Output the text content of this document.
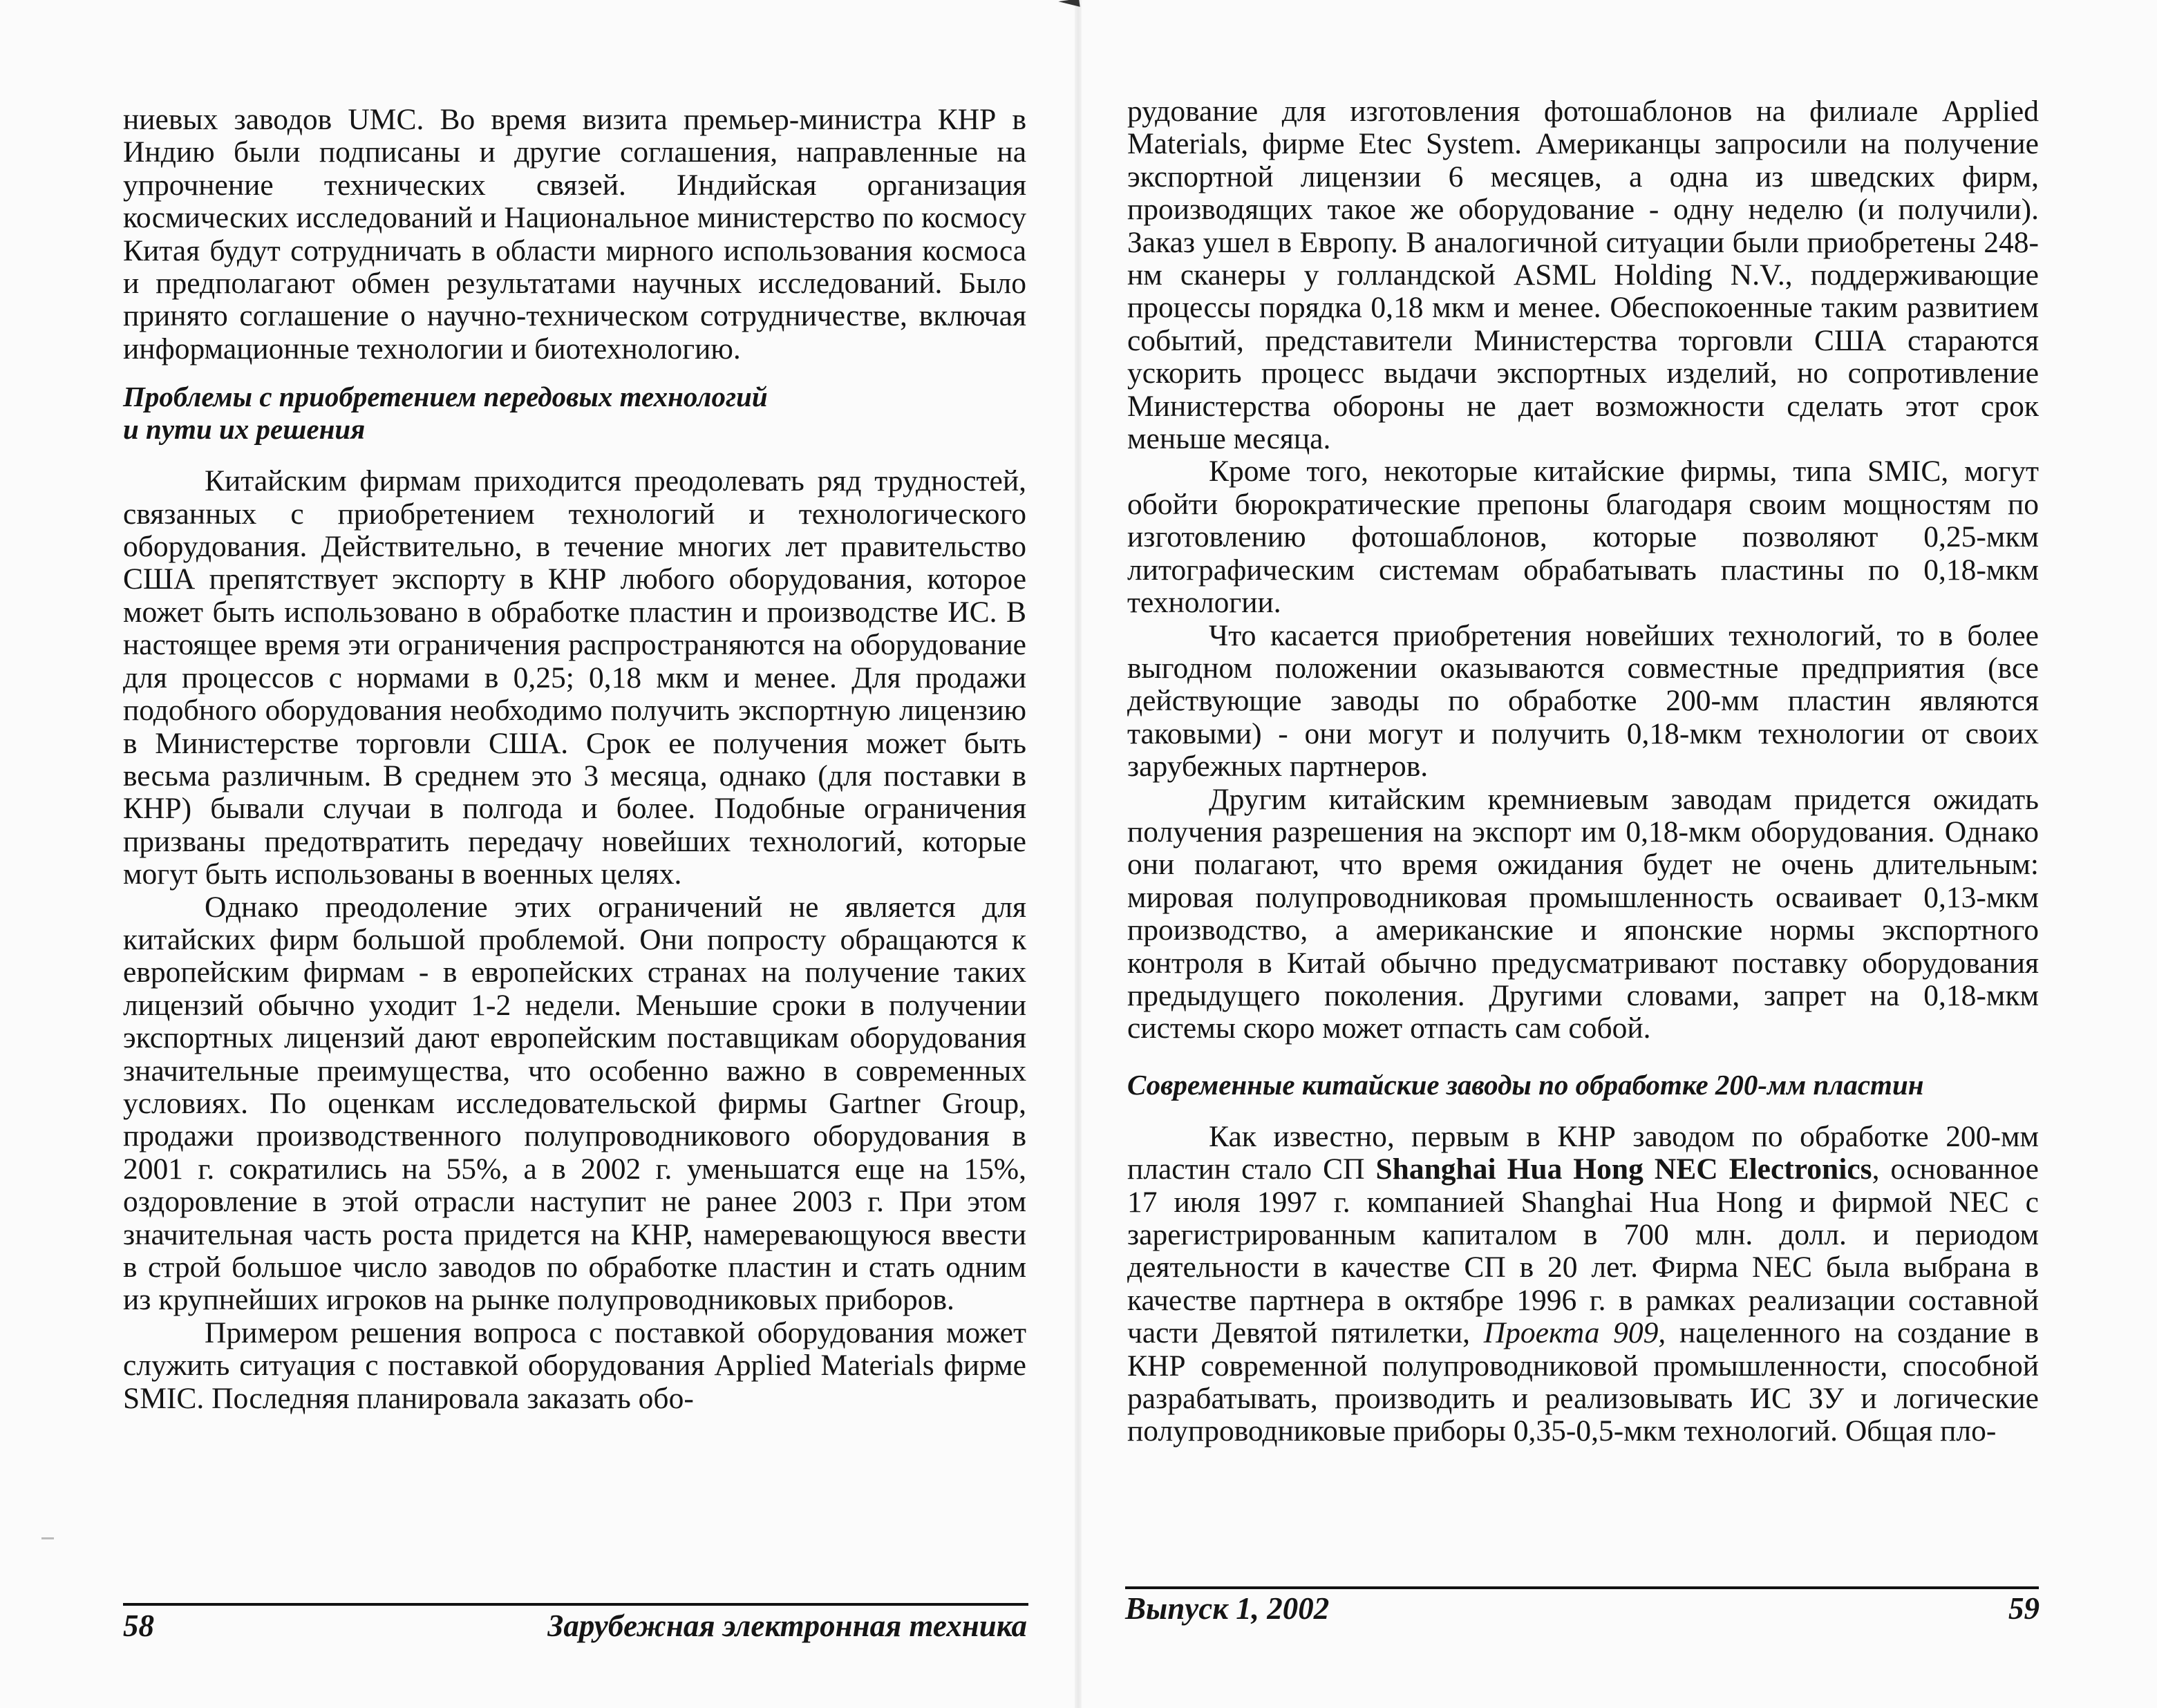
ниевых заводов UMC. Во время визита премьер-министра КНР в Индию были подписаны и другие соглашения, направленные на упрочнение технических связей. Индийская организация космических исследований и Национальное министерство по космосу Китая будут сотрудничать в области мирного использования космоса и предполагают обмен результатами научных исследований. Было принято соглашение о научно-техническом сотрудничестве, включая информационные технологии и биотехнологию.

Проблемы с приобретением передовых технологий
и пути их решения

Китайским фирмам приходится преодолевать ряд трудностей, связанных с приобретением технологий и технологического оборудования. Действительно, в течение многих лет правительство США препятствует экспорту в КНР любого оборудования, которое может быть использовано в обработке пластин и производстве ИС. В настоящее время эти ограничения распространяются на оборудование для процессов с нормами в 0,25; 0,18 мкм и менее. Для продажи подобного оборудования необходимо получить экспортную лицензию в Министерстве торговли США. Срок ее получения может быть весьма различным. В среднем это 3 месяца, однако (для поставки в КНР) бывали случаи в полгода и более. Подобные ограничения призваны предотвратить передачу новейших технологий, которые могут быть использованы в военных целях.

Однако преодоление этих ограничений не является для китайских фирм большой проблемой. Они попросту обращаются к европейским фирмам - в европейских странах на получение таких лицензий обычно уходит 1-2 недели. Меньшие сроки в получении экспортных лицензий дают европейским поставщикам оборудования значительные преимущества, что особенно важно в современных условиях. По оценкам исследовательской фирмы Gartner Group, продажи производственного полупроводникового оборудования в 2001 г. сократились на 55%, а в 2002 г. уменьшатся еще на 15%, оздоровление в этой отрасли наступит не ранее 2003 г. При этом значительная часть роста придется на КНР, намеревающуюся ввести в строй большое число заводов по обработке пластин и стать одним из крупнейших игроков на рынке полупроводниковых приборов.

Примером решения вопроса с поставкой оборудования может служить ситуация с поставкой оборудования Applied Materials фирме SMIC. Последняя планировала заказать обо-

58	Зарубежная электронная техника

рудование для изготовления фотошаблонов на филиале Applied Materials, фирме Etec System. Американцы запросили на получение экспортной лицензии 6 месяцев, а одна из шведских фирм, производящих такое же оборудование - одну неделю (и получили). Заказ ушел в Европу. В аналогичной ситуации были приобретены 248-нм сканеры у голландской ASML Holding N.V., поддерживающие процессы порядка 0,18 мкм и менее. Обеспокоенные таким развитием событий, представители Министерства торговли США стараются ускорить процесс выдачи экспортных изделий, но сопротивление Министерства обороны не дает возможности сделать этот срок меньше месяца.

Кроме того, некоторые китайские фирмы, типа SMIC, могут обойти бюрократические препоны благодаря своим мощностям по изготовлению фотошаблонов, которые позволяют 0,25-мкм литографическим системам обрабатывать пластины по 0,18-мкм технологии.

Что касается приобретения новейших технологий, то в более выгодном положении оказываются совместные предприятия (все действующие заводы по обработке 200-мм пластин являются таковыми) - они могут и получить 0,18-мкм технологии от своих зарубежных партнеров.

Другим китайским кремниевым заводам придется ожидать получения разрешения на экспорт им 0,18-мкм оборудования. Однако они полагают, что время ожидания будет не очень длительным: мировая полупроводниковая промышленность осваивает 0,13-мкм производство, а американские и японские нормы экспортного контроля в Китай обычно предусматривают поставку оборудования предыдущего поколения. Другими словами, запрет на 0,18-мкм системы скоро может отпасть сам собой.

Современные китайские заводы по обработке 200-мм пластин

Как известно, первым в КНР заводом по обработке 200-мм пластин стало СП Shanghai Hua Hong NEC Electronics, основанное 17 июля 1997 г. компанией Shanghai Hua Hong и фирмой NEC с зарегистрированным капиталом в 700 млн. долл. и периодом деятельности в качестве СП в 20 лет. Фирма NEC была выбрана в качестве партнера в октябре 1996 г. в рамках реализации составной части Девятой пятилетки, Проекта 909, нацеленного на создание в КНР современной полупроводниковой промышленности, способной разрабатывать, производить и реализовывать ИС ЗУ и логические полупроводниковые приборы 0,35-0,5-мкм технологий. Общая пло-

Выпуск 1, 2002	59
